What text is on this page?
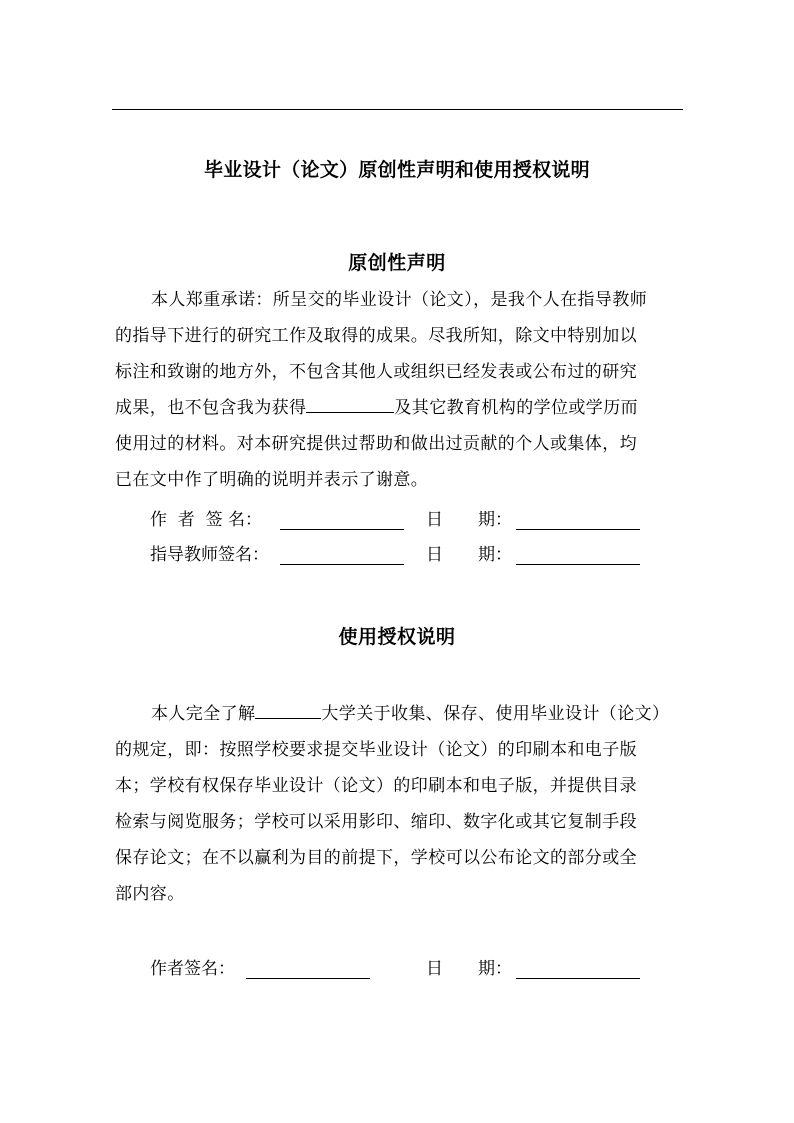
毕业设计（论文）原创性声明和使用授权说明
原创性声明
本人郑重承诺：所呈交的毕业设计（论文），是我个人在指导教师
的指导下进行的研究工作及取得的成果。尽我所知，除文中特别加以
标注和致谢的地方外，不包含其他人或组织已经发表或公布过的研究
成果，也不包含我为获得	及其它教育机构的学位或学历而
使用过的材料。对本研究提供过帮助和做出过贡献的个人或集体，均
已在文中作了明确的说明并表示了谢意。
作  者  签 名：	日 期：
指导教师签名：	日 期：
使用授权说明
本人完全了解	大学关于收集、保存、使用毕业设计（论文）
的规定，即：按照学校要求提交毕业设计（论文）的印刷本和电子版
本；学校有权保存毕业设计（论文）的印刷本和电子版，并提供目录
检索与阅览服务；学校可以采用影印、缩印、数字化或其它复制手段
保存论文；在不以赢利为目的前提下，学校可以公布论文的部分或全
部内容。
作者签名：	日 期：
